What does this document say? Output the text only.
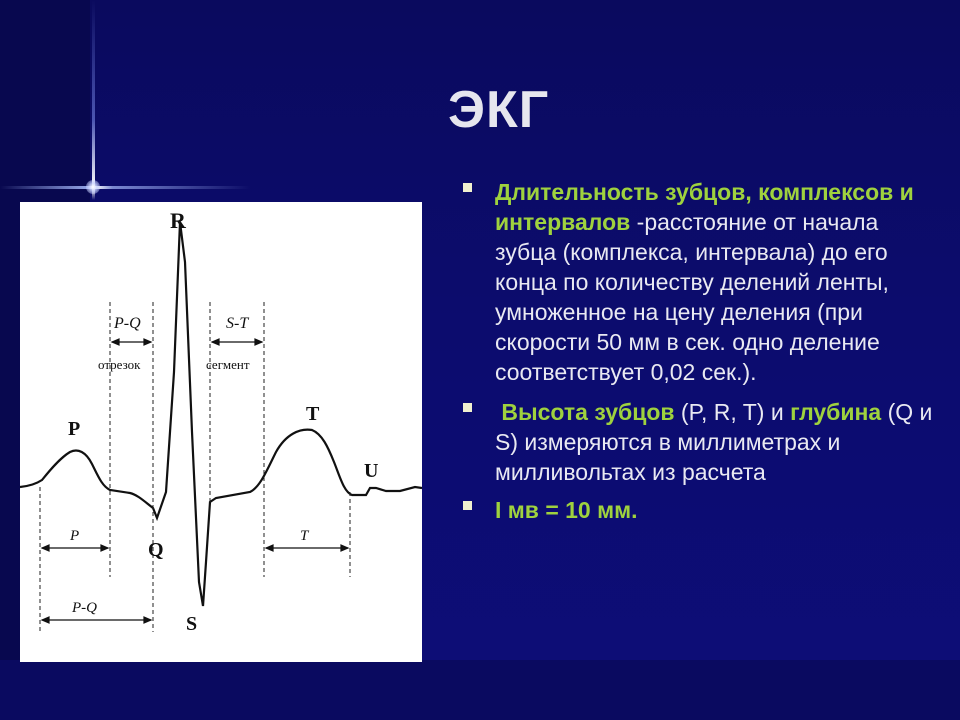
ЭКГ
R
P
Q
S
T
U
P-Q
отрезок
S-T
сегмент
P	T
P-Q
Длительность зубцов, комплексов и интервалов -расстояние от начала зубца (комплекса, интервала) до его конца по количеству делений ленты, умноженное на цену деления (при скорости 50 мм в сек. одно деление соответствует 0,02 сек.).
Высота зубцов (P, R, T) и глубина (Q и S) измеряются в миллиметрах и милливольтах из расчета
I мв = 10 мм.
